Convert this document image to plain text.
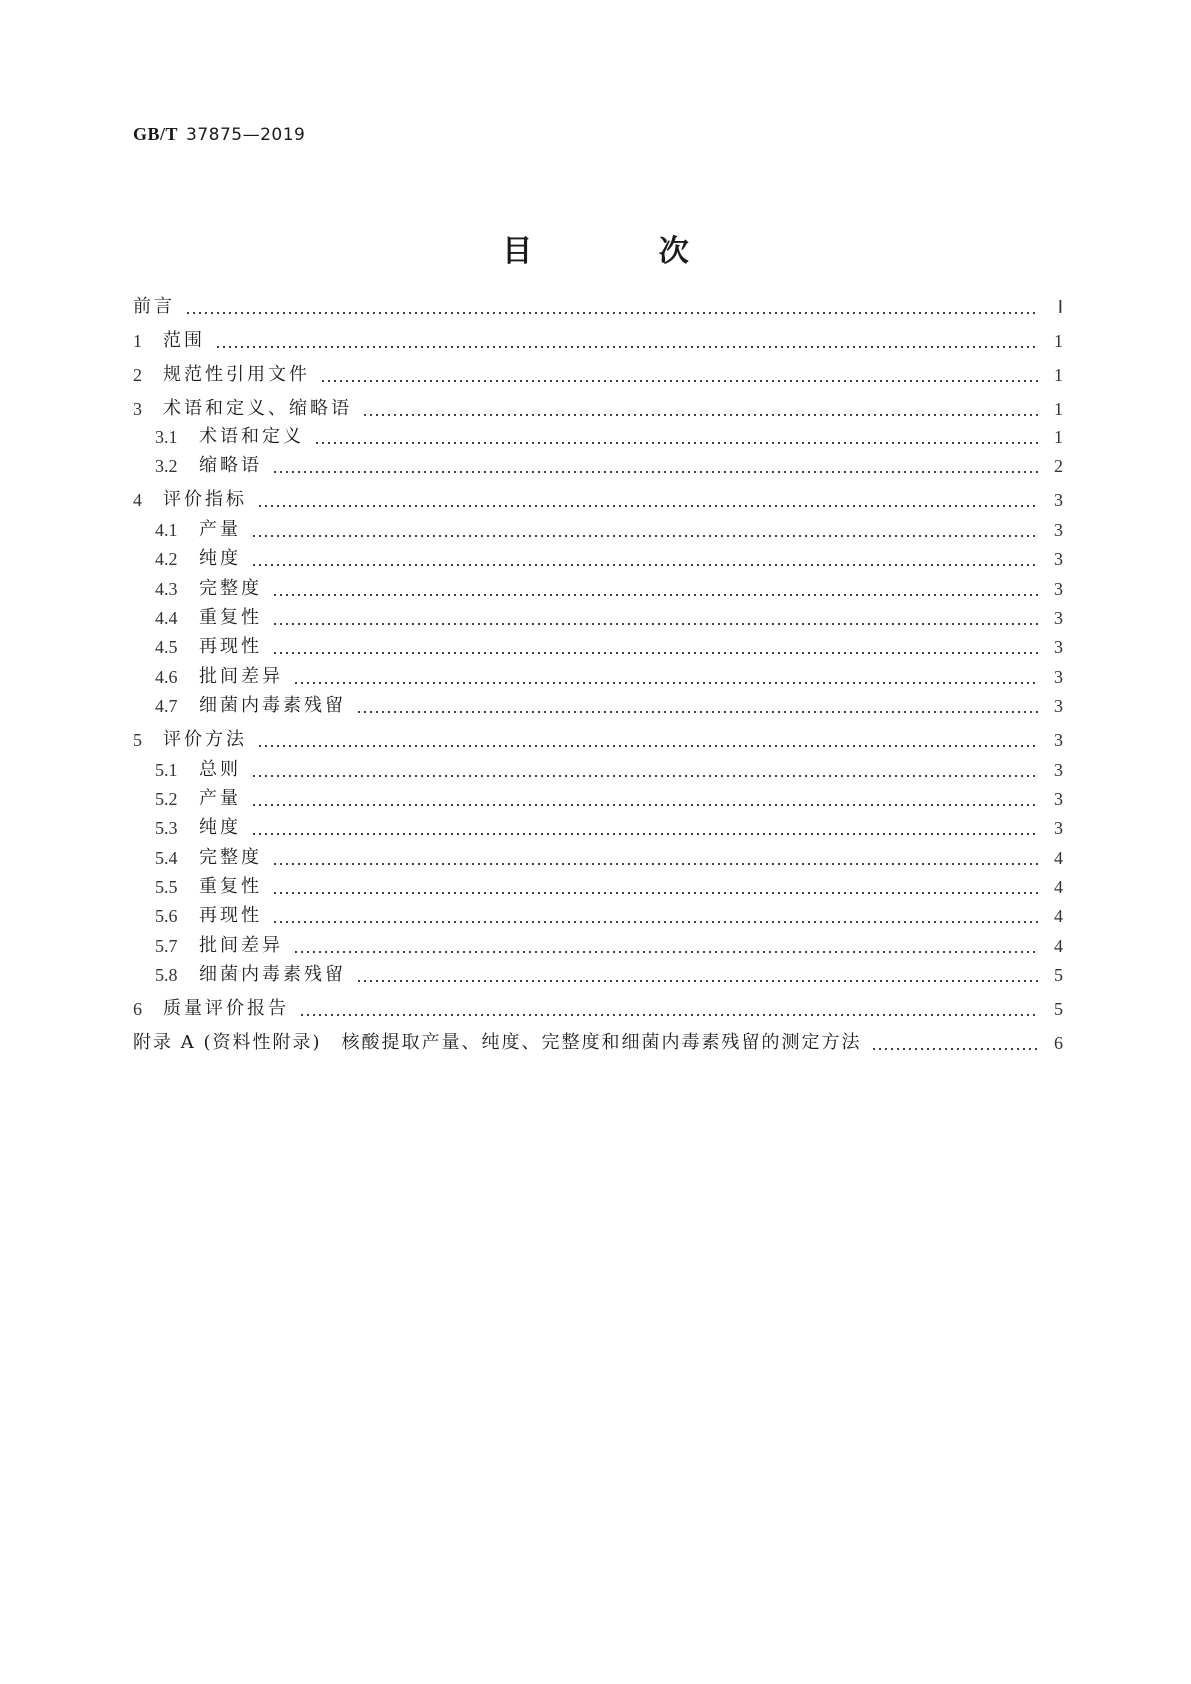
GB/T 37875—2019
目 次
前言	Ⅰ
1	范围	1
2	规范性引用文件	1
3	术语和定义、缩略语	1
3.1	术语和定义	1
3.2	缩略语	2
4	评价指标	3
4.1	产量	3
4.2	纯度	3
4.3	完整度	3
4.4	重复性	3
4.5	再现性	3
4.6	批间差异	3
4.7	细菌内毒素残留	3
5	评价方法	3
5.1	总则	3
5.2	产量	3
5.3	纯度	3
5.4	完整度	4
5.5	重复性	4
5.6	再现性	4
5.7	批间差异	4
5.8	细菌内毒素残留	5
6	质量评价报告	5
附录 A (资料性附录)　核酸提取产量、纯度、完整度和细菌内毒素残留的测定方法	6
